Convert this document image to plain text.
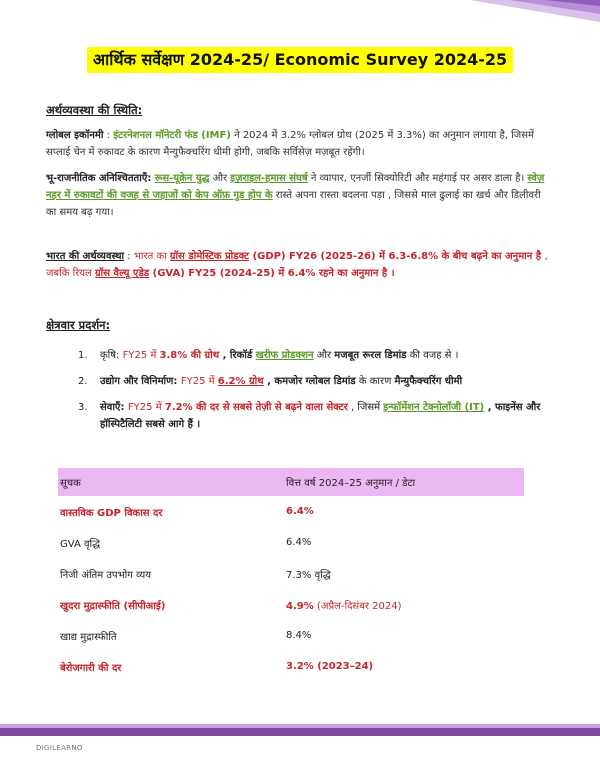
आर्थिक सर्वेक्षण 2024-25/ Economic Survey 2024-25
अर्थव्यवस्था की स्थिति:
ग्लोबल इकॉनमी : इंटरनेशनल मॉनेटरी फंड (IMF) ने 2024 में 3.2% ग्लोबल ग्रोथ (2025 में 3.3%) का अनुमान लगाया है, जिसमें सप्लाई चेन में रुकावट के कारण मैन्युफैक्चरिंग धीमी होगी, जबकि सर्विसेज़ मज़बूत रहेंगी।
भू-राजनीतिक अनिश्चितताएँ: रूस-यूक्रेन युद्ध और इज़राइल-हमास संघर्ष ने व्यापार, एनर्जी सिक्योरिटी और महंगाई पर असर डाला है। स्वेज़ नहर में रुकावटों की वजह से जहाजों को केप ऑफ़ गुड होप के रास्ते अपना रास्ता बदलना पड़ा , जिससे माल ढुलाई का खर्च और डिलीवरी का समय बढ़ गया।
भारत की अर्थव्यवस्था : भारत का ग्रॉस डोमेस्टिक प्रोडक्ट (GDP) FY26 (2025-26) में 6.3-6.8% के बीच बढ़ने का अनुमान है , जबकि रियल ग्रॉस वैल्यू एडेड (GVA) FY25 (2024-25) में 6.4% रहने का अनुमान है ।
क्षेत्रवार प्रदर्शन:
1. कृषि: FY25 में 3.8% की ग्रोथ , रिकॉर्ड खरीफ प्रोडक्शन और मजबूत रूरल डिमांड की वजह से ।
2. उद्योग और विनिर्माण: FY25 में 6.2% ग्रोथ , कमजोर ग्लोबल डिमांड के कारण मैन्युफैक्चरिंग धीमी
3. सेवाएँ: FY25 में 7.2% की दर से सबसे तेज़ी से बढ़ने वाला सेक्टर , जिसमें इन्फॉर्मेशन टेक्नोलॉजी (IT) , फाइनेंस और हॉस्पिटैलिटी सबसे आगे हैं ।
सूचक	वित्त वर्ष 2024–25 अनुमान / डेटा
वास्तविक GDP विकास दर	6.4%
GVA वृद्धि	6.4%
निजी अंतिम उपभोग व्यय	7.3% वृद्धि
खुदरा मुद्रास्फीति (सीपीआई)	4.9% (अप्रैल-दिसंबर 2024)
खाद्य मुद्रास्फीति	8.4%
बेरोजगारी की दर	3.2% (2023–24)
DIGILEARNO
